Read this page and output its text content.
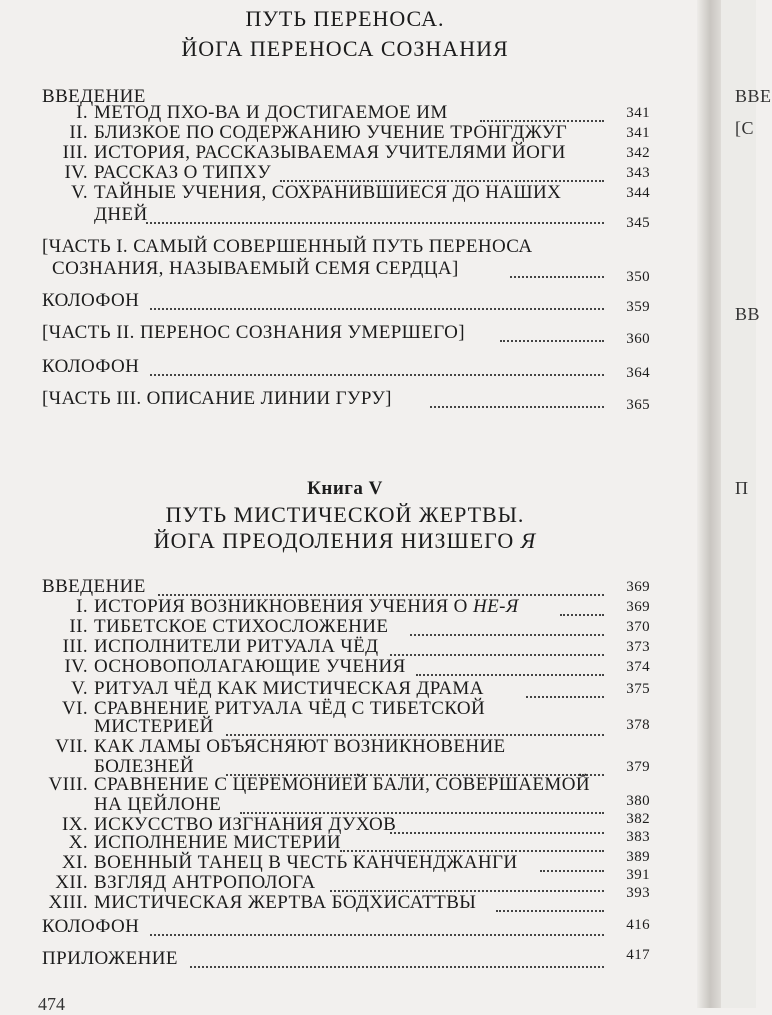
ВВЕ
[С
ВВ
П
ПУТЬ ПЕРЕНОСА.
ЙОГА ПЕРЕНОСА СОЗНАНИЯ
ВВЕДЕНИЕ
I. МЕТОД ПХО-ВА И ДОСТИГАЕМОЕ ИМ	341
II. БЛИЗКОЕ ПО СОДЕРЖАНИЮ УЧЕНИЕ ТРОНГДЖУГ	341
III. ИСТОРИЯ, РАССКАЗЫВАЕМАЯ УЧИТЕЛЯМИ ЙОГИ	342
IV. РАССКАЗ О ТИПХУ	343
V. ТАЙНЫЕ УЧЕНИЯ, СОХРАНИВШИЕСЯ ДО НАШИХ	344
ДНЕЙ	345
[ЧАСТЬ I. САМЫЙ СОВЕРШЕННЫЙ ПУТЬ ПЕРЕНОСА
СОЗНАНИЯ, НАЗЫВАЕМЫЙ СЕМЯ СЕРДЦА]	350
КОЛОФОН	359
[ЧАСТЬ II. ПЕРЕНОС СОЗНАНИЯ УМЕРШЕГО]	360
КОЛОФОН	364
[ЧАСТЬ III. ОПИСАНИЕ ЛИНИИ ГУРУ]	365
Книга V
ПУТЬ МИСТИЧЕСКОЙ ЖЕРТВЫ.
ЙОГА ПРЕОДОЛЕНИЯ НИЗШЕГО Я
ВВЕДЕНИЕ	369
I. ИСТОРИЯ ВОЗНИКНОВЕНИЯ УЧЕНИЯ О НЕ-Я	369
II. ТИБЕТСКОЕ СТИХОСЛОЖЕНИЕ	370
III. ИСПОЛНИТЕЛИ РИТУАЛА ЧЁД	373
IV. ОСНОВОПОЛАГАЮЩИЕ УЧЕНИЯ	374
V. РИТУАЛ ЧЁД КАК МИСТИЧЕСКАЯ ДРАМА	375
VI. СРАВНЕНИЕ РИТУАЛА ЧЁД С ТИБЕТСКОЙ
МИСТЕРИЕЙ	378
VII. КАК ЛАМЫ ОБЪЯСНЯЮТ ВОЗНИКНОВЕНИЕ
БОЛЕЗНЕЙ	379
VIII. СРАВНЕНИЕ С ЦЕРЕМОНИЕЙ БАЛИ, СОВЕРШАЕМОЙ
НА ЦЕЙЛОНЕ	380
IX. ИСКУССТВО ИЗГНАНИЯ ДУХОВ	382
X. ИСПОЛНЕНИЕ МИСТЕРИИ	383
XI. ВОЕННЫЙ ТАНЕЦ В ЧЕСТЬ КАНЧЕНДЖАНГИ	389
XII. ВЗГЛЯД АНТРОПОЛОГА	391
XIII. МИСТИЧЕСКАЯ ЖЕРТВА БОДХИСАТТВЫ	393
КОЛОФОН	416
ПРИЛОЖЕНИЕ	417
474
